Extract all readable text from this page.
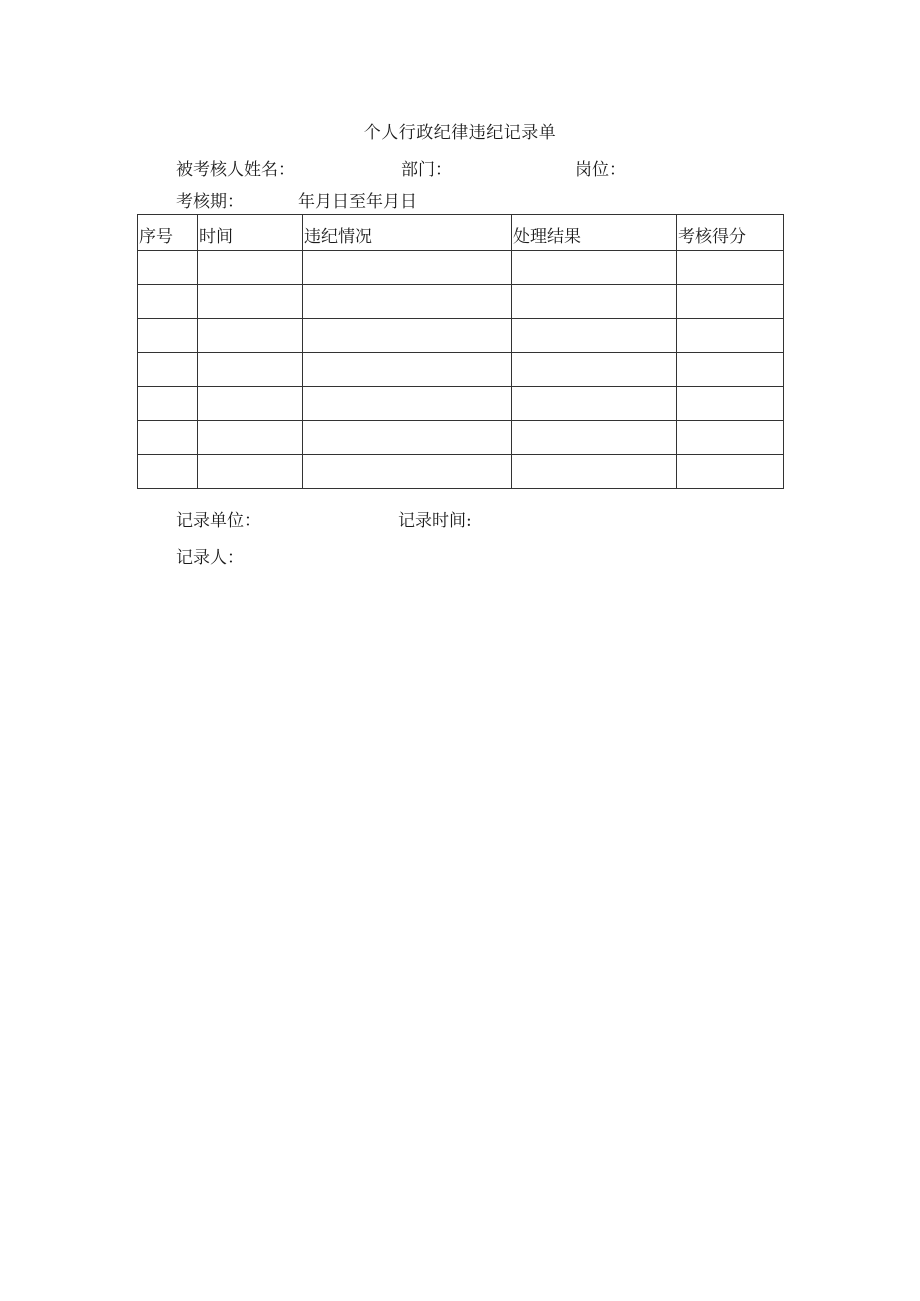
个人行政纪律违纪记录单
被考核人姓名：	部门：	岗位：
考核期：	年月日至年月日
序号	时间	违纪情况	处理结果	考核得分

记录单位：	记录时间:
记录人：
